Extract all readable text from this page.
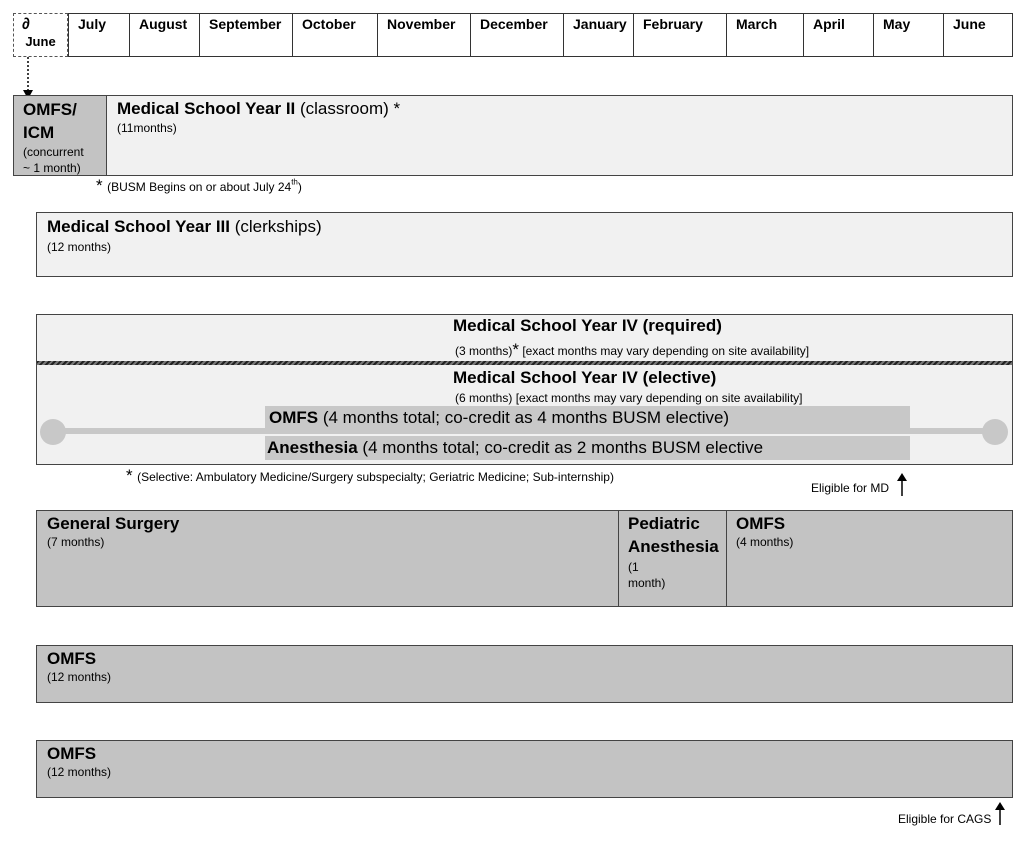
∂
June
July	August	September	October	November	December	January	February	March	April	May	June
OMFS/
ICM
(concurrent
~ 1 month)
Medical School Year II (classroom) *
(11months)
* (BUSM Begins on or about July 24th)
Medical School Year III (clerkships)
(12 months)
Medical School Year IV (required)
(3 months)* [exact months may vary depending on site availability]
Medical School Year IV (elective)
(6 months) [exact months may vary depending on site availability]
OMFS (4 months total; co-credit as 4 months BUSM elective)
Anesthesia (4 months total; co-credit as 2 months BUSM elective
* (Selective: Ambulatory Medicine/Surgery subspecialty; Geriatric Medicine; Sub-internship)
Eligible for MD
General Surgery
(7 months)
Pediatric
Anesthesia
(1
month)
OMFS
(4 months)
OMFS
(12 months)
OMFS
(12 months)
Eligible for CAGS
